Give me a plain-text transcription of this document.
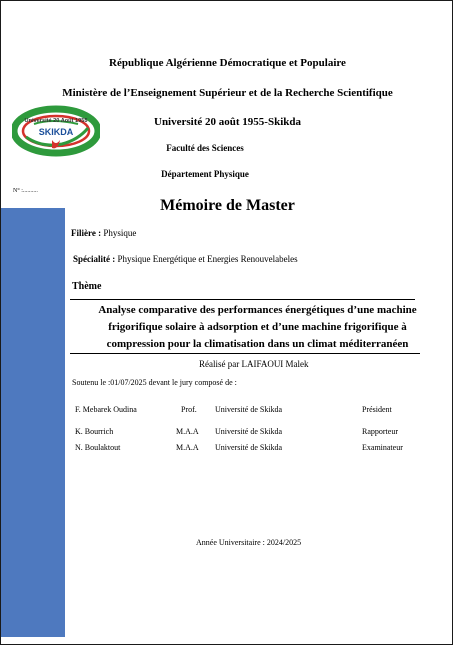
République Algérienne Démocratique et Populaire
Ministère de l’Enseignement Supérieur et de la Recherche Scientifique
Université 20 Août 1955
SKIKDA
Université 20 août 1955-Skikda
Faculté des Sciences
Département Physique
N° :..........
Mémoire de Master
Filière : Physique
Spécialité : Physique Energétique et Energies Renouvelabeles
Thème
Analyse comparative des performances énergétiques d’une machine
frigorifique solaire à adsorption et d’une machine frigorifique à
compression pour la climatisation dans un climat méditerranéen
Réalisé par LAIFAOUI Malek
Soutenu le :01/07/2025 devant le jury composé de :
F. Mebarek Oudina	Prof. Université de Skikda	Président
K. Bourrich	M.A.A Université de Skikda	Rapporteur
N. Boulaktout	M.A.A Université de Skikda	Examinateur
Année Universitaire : 2024/2025
